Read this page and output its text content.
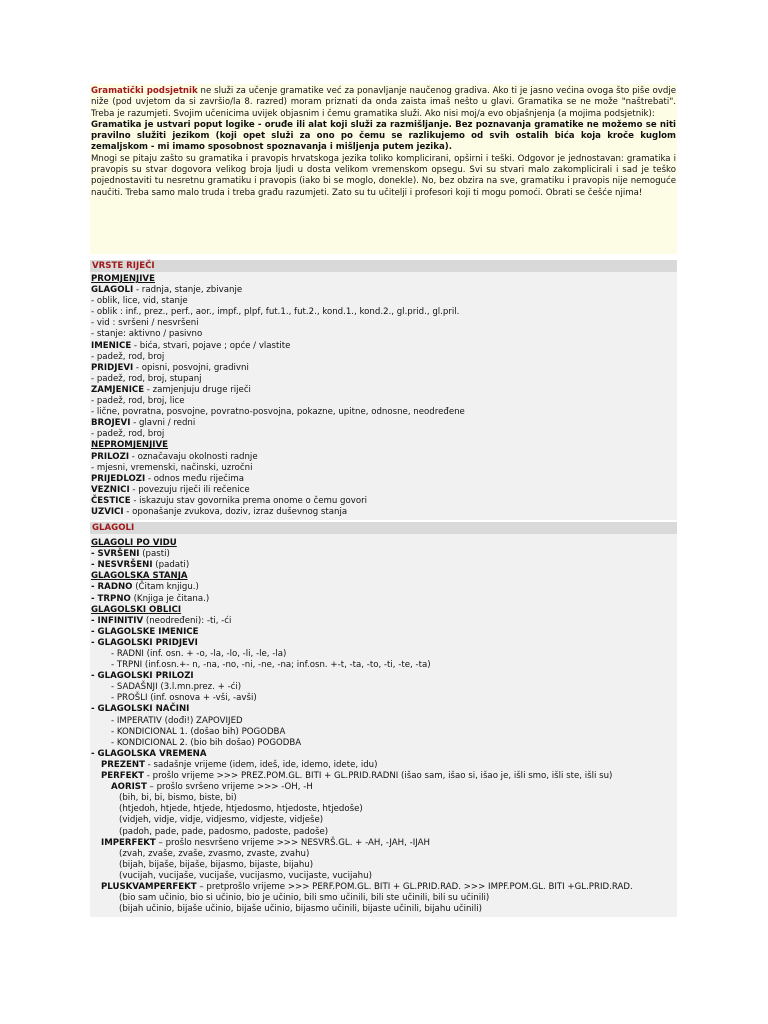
Gramatički podsjetnik ne služi za učenje gramatike već za ponavljanje naučenog gradiva. Ako ti je jasno većina ovoga što piše ovdje niže (pod uvjetom da si završio/la 8. razred) moram priznati da onda zaista imaš nešto u glavi. Gramatika se ne može "naštrebati". Treba je razumjeti. Svojim učenicima uvijek objasnim i čemu gramatika služi. Ako nisi moj/a evo objašnjenja (a mojima podsjetnik):

Gramatika je ustvari poput logike - oruđe ili alat koji služi za razmišljanje. Bez poznavanja gramatike ne možemo se niti pravilno služiti jezikom (koji opet služi za ono po čemu se razlikujemo od svih ostalih bića koja kroče kuglom zemaljskom - mi imamo sposobnost spoznavanja i mišljenja putem jezika).

Mnogi se pitaju zašto su gramatika i pravopis hrvatskoga jezika toliko komplicirani, opširni i teški. Odgovor je jednostavan: gramatika i pravopis su stvar dogovora velikog broja ljudi u dosta velikom vremenskom opsegu. Svi su stvari malo zakomplicirali i sad je teško pojednostaviti tu nesretnu gramatiku i pravopis (iako bi se moglo, donekle). No, bez obzira na sve, gramatiku i pravopis nije nemoguće naučiti. Treba samo malo truda i treba građu razumjeti. Zato su tu učitelji i profesori koji ti mogu pomoći. Obrati se češće njima!

VRSTE RIJEČI
PROMJENJIVE
GLAGOLI - radnja, stanje, zbivanje
- oblik, lice, vid, stanje
- oblik : inf., prez., perf., aor., impf., plpf, fut.1., fut.2., kond.1., kond.2., gl.prid., gl.pril.
- vid : svršeni / nesvršeni
- stanje: aktivno / pasivno
IMENICE - bića, stvari, pojave ; opće / vlastite
- padež, rod, broj
PRIDJEVI - opisni, posvojni, gradivni
- padež, rod, broj, stupanj
ZAMJENICE - zamjenjuju druge riječi
- padež, rod, broj, lice
- lične, povratna, posvojne, povratno-posvojna, pokazne, upitne, odnosne, neodređene
BROJEVI - glavni / redni
- padež, rod, broj
NEPROMJENJIVE
PRILOZI - označavaju okolnosti radnje
- mjesni, vremenski, načinski, uzročni
PRIJEDLOZI - odnos među riječima
VEZNICI - povezuju riječi ili rečenice
ČESTICE - iskazuju stav govornika prema onome o čemu govori
UZVICI - oponašanje zvukova, doziv, izraz duševnog stanja
GLAGOLI
GLAGOLI PO VIDU
- SVRŠENI (pasti)
- NESVRŠENI (padati)
GLAGOLSKA STANJA
- RADNO (Čitam knjigu.)
- TRPNO (Knjiga je čitana.)
GLAGOLSKI OBLICI
- INFINITIV (neodređeni): -ti, -ći
- GLAGOLSKE IMENICE
- GLAGOLSKI PRIDJEVI
- RADNI (inf. osn. + -o, -la, -lo, -li, -le, -la)
- TRPNI (inf.osn.+- n, -na, -no, -ni, -ne, -na; inf.osn. +-t, -ta, -to, -ti, -te, -ta)
- GLAGOLSKI PRILOZI
- SADAŠNJI (3.l.mn.prez. + -ći)
- PROŠLI (inf. osnova + -vši, -avši)
- GLAGOLSKI NAČINI
- IMPERATIV (dođi!) ZAPOVIJED
- KONDICIONAL 1. (došao bih) POGODBA
- KONDICIONAL 2. (bio bih došao) POGODBA
- GLAGOLSKA VREMENA
PREZENT - sadašnje vrijeme (idem, ideš, ide, idemo, idete, idu)
PERFEKT - prošlo vrijeme >>> PREZ.POM.GL. BITI + GL.PRID.RADNI (išao sam, išao si, išao je, išli smo, išli ste, išli su)
AORIST – prošlo svršeno vrijeme >>> -OH, -H
(bih, bi, bi, bismo, biste, bi)
(htjedoh, htjede, htjede, htjedosmo, htjedoste, htjedoše)
(vidjeh, vidje, vidje, vidjesmo, vidjeste, vidješe)
(padoh, pade, pade, padosmo, padoste, padoše)
IMPERFEKT – prošlo nesvršeno vrijeme >>> NESVRŠ.GL. + -AH, -JAH, -IJAH
(zvah, zvaše, zvaše, zvasmo, zvaste, zvahu)
(bijah, bijaše, bijaše, bijasmo, bijaste, bijahu)
(vucijah, vucijaše, vucijaše, vucijasmo, vucijaste, vucijahu)
PLUSKVAMPERFEKT – pretprošlo vrijeme >>> PERF.POM.GL. BITI + GL.PRID.RAD. >>> IMPF.POM.GL. BITI +GL.PRID.RAD.
(bio sam učinio, bio si učinio, bio je učinio, bili smo učinili, bili ste učinili, bili su učinili)
(bijah učinio, bijaše učinio, bijaše učinio, bijasmo učinili, bijaste učinili, bijahu učinili)
